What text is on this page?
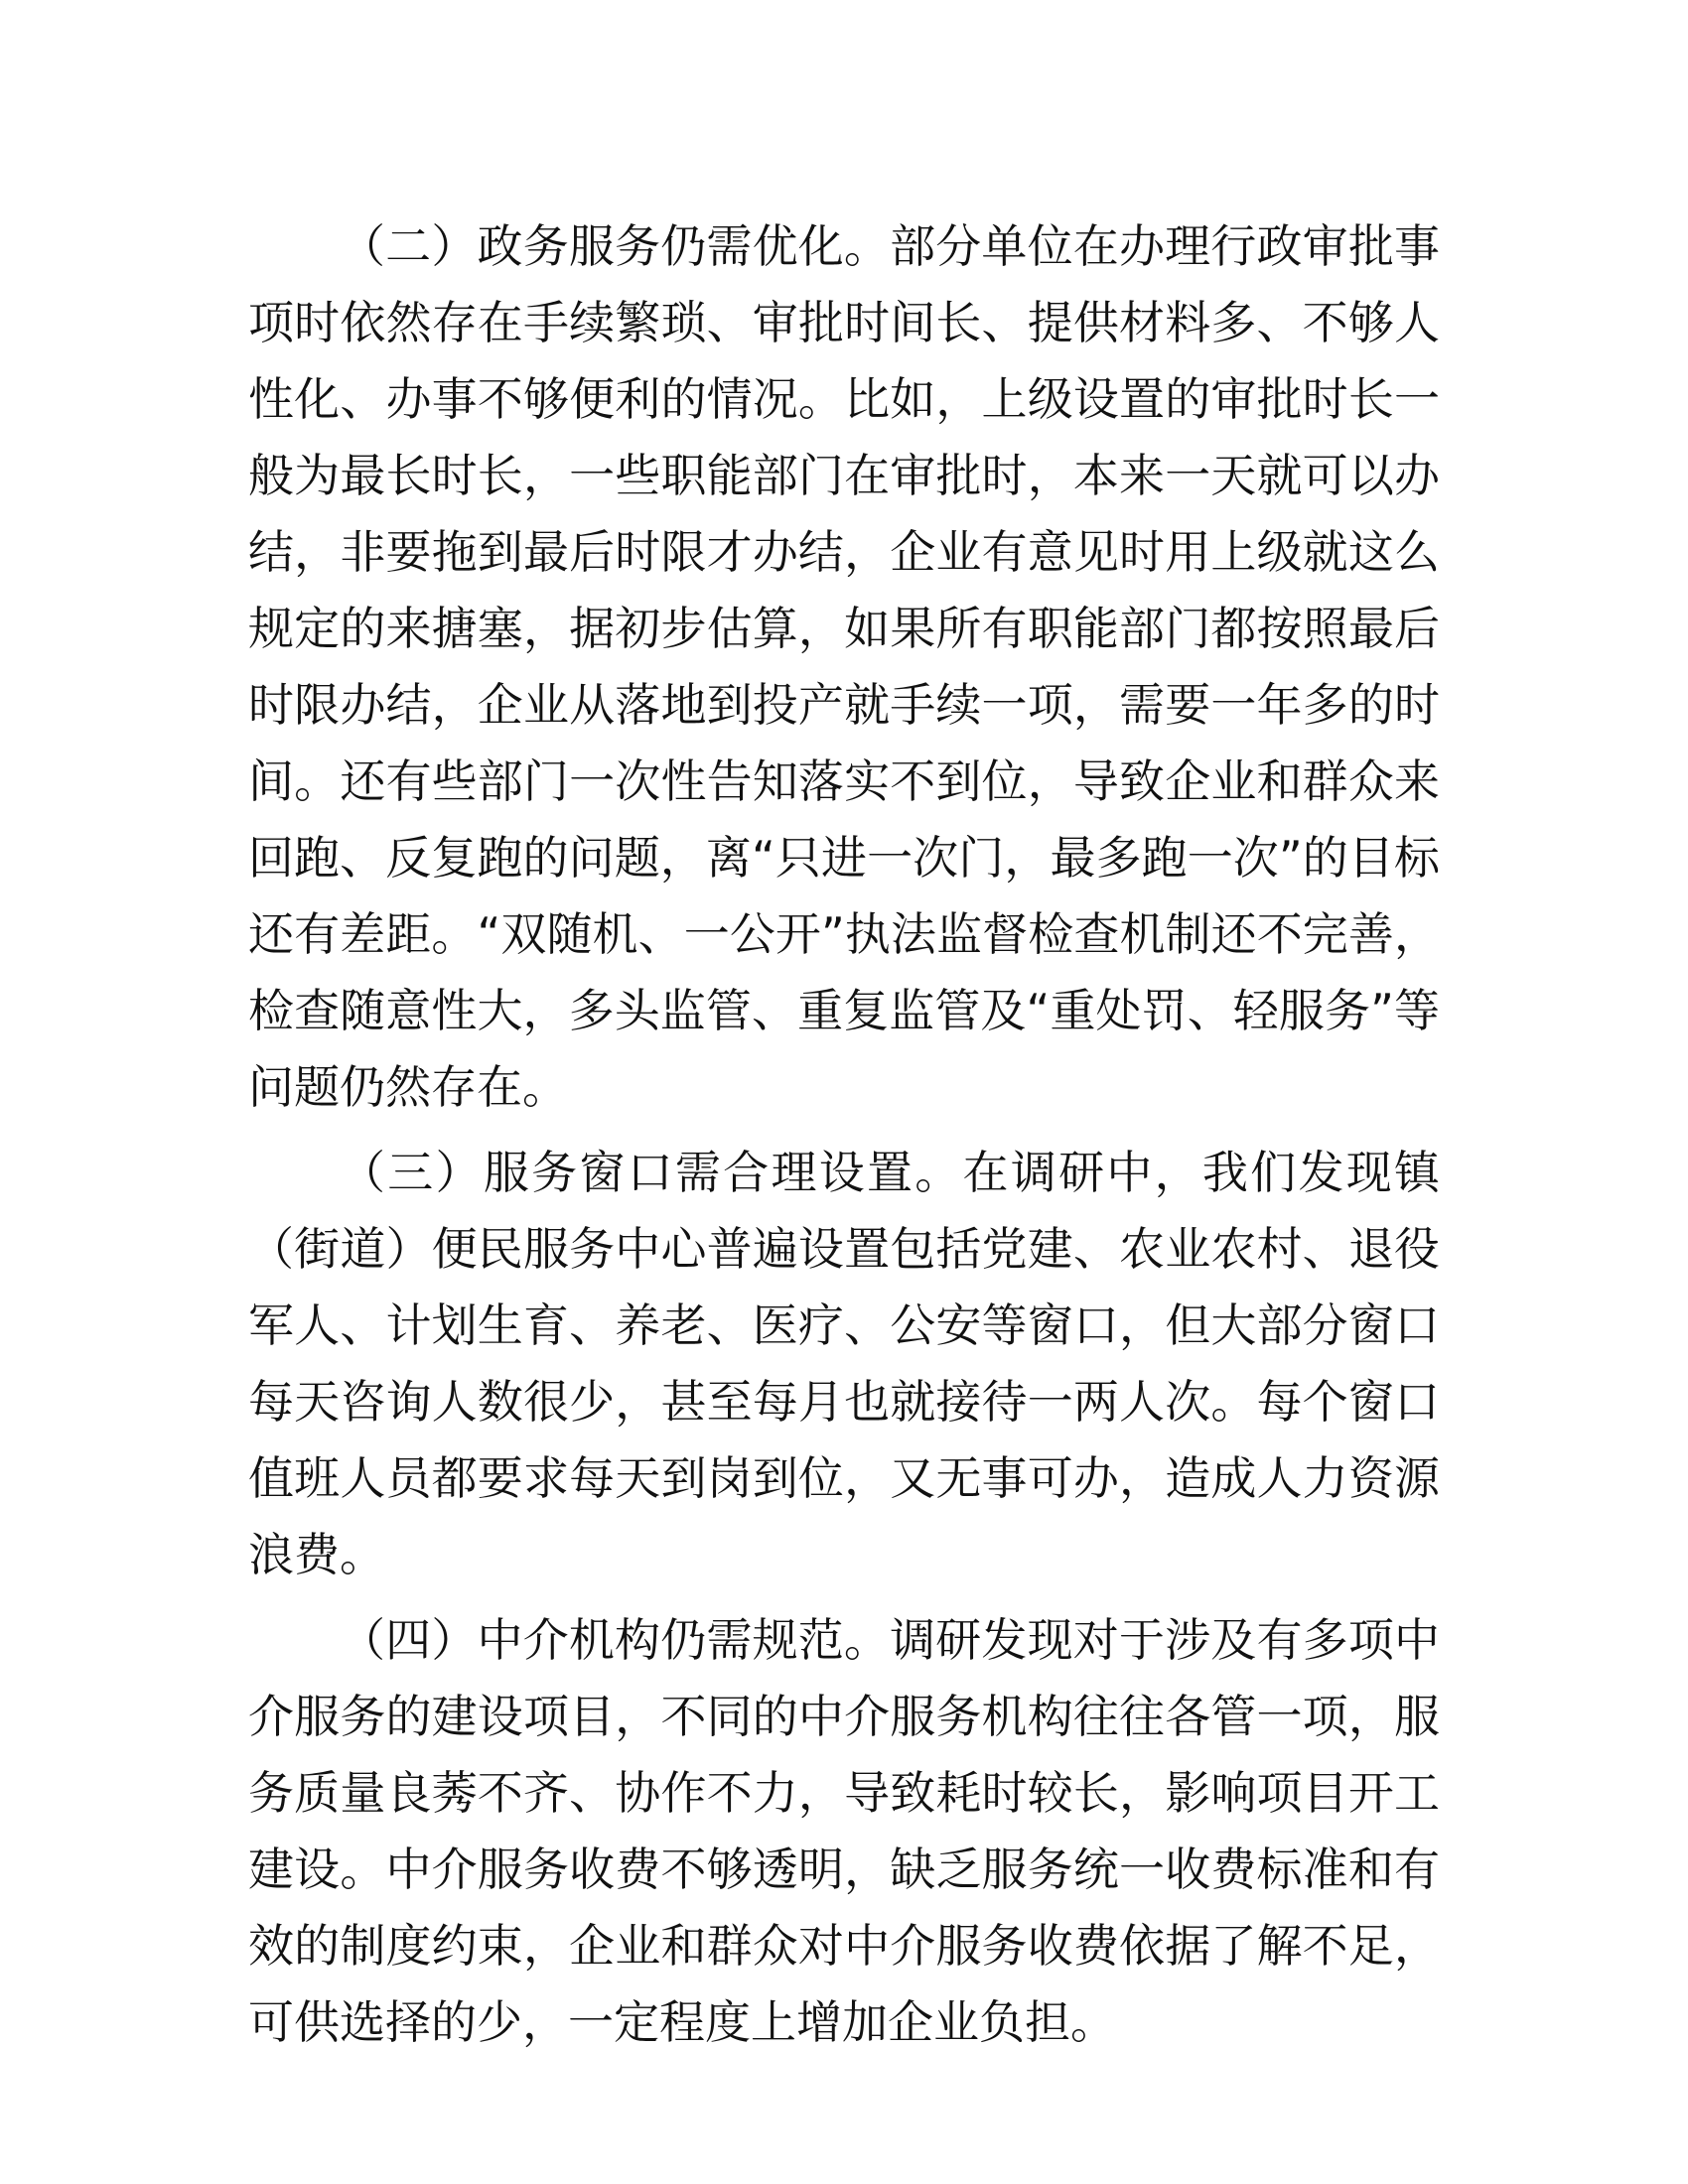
（二）政务服务仍需优化。部分单位在办理行政审批事项时依然存在手续繁琐、审批时间长、提供材料多、不够人性化、办事不够便利的情况。比如，上级设置的审批时长一般为最长时长，一些职能部门在审批时，本来一天就可以办结，非要拖到最后时限才办结，企业有意见时用上级就这么规定的来搪塞，据初步估算，如果所有职能部门都按照最后时限办结，企业从落地到投产就手续一项，需要一年多的时间。还有些部门一次性告知落实不到位，导致企业和群众来回跑、反复跑的问题，离“只进一次门，最多跑一次”的目标还有差距。“双随机、一公开”执法监督检查机制还不完善，检查随意性大，多头监管、重复监管及“重处罚、轻服务”等问题仍然存在。

（三）服务窗口需合理设置。在调研中，我们发现镇（街道）便民服务中心普遍设置包括党建、农业农村、退役军人、计划生育、养老、医疗、公安等窗口，但大部分窗口每天咨询人数很少，甚至每月也就接待一两人次。每个窗口值班人员都要求每天到岗到位，又无事可办，造成人力资源浪费。

（四）中介机构仍需规范。调研发现对于涉及有多项中介服务的建设项目，不同的中介服务机构往往各管一项，服务质量良莠不齐、协作不力，导致耗时较长，影响项目开工建设。中介服务收费不够透明，缺乏服务统一收费标准和有效的制度约束，企业和群众对中介服务收费依据了解不足，可供选择的少，一定程度上增加企业负担。
